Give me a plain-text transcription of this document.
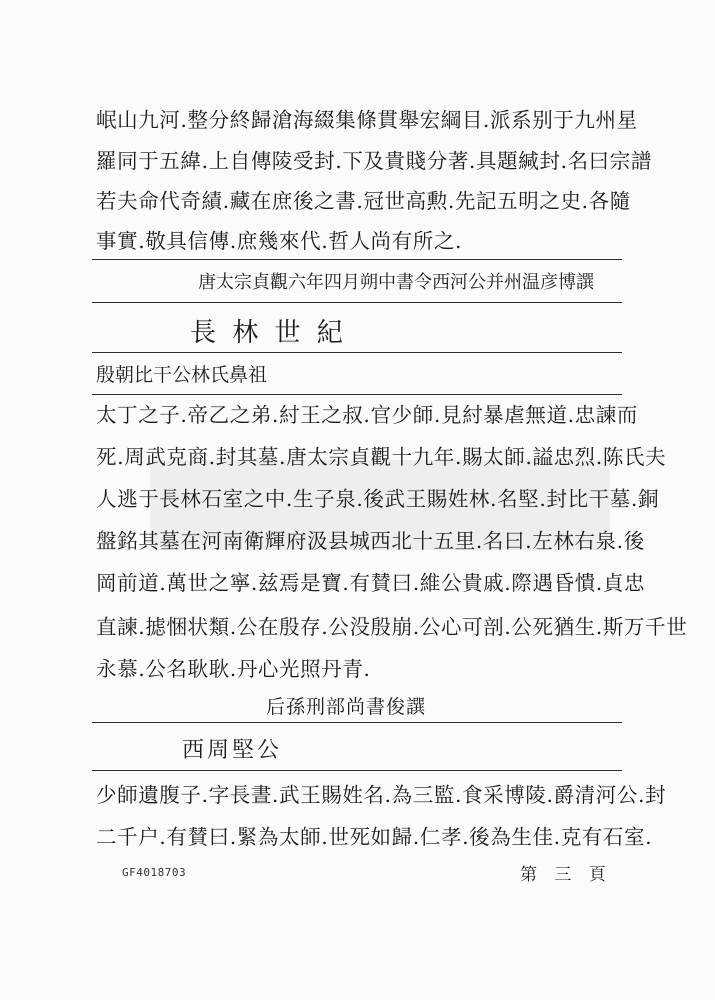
岷山九河.整分終歸滄海綴集條貫舉宏綱目.派系别于九州星
羅同于五緯.上自傳陵受封.下及貴賤分著.具題緘封.名曰宗譜
若夫命代奇績.藏在庶後之書.冠世高勲.先記五明之史.各隨
事實.敬具信傳.庶幾來代.哲人尚有所之.
唐太宗貞觀六年四月朔中書令西河公并州温彦博譔
長 林 世 紀
殷朝比干公林氏鼻祖
太丁之子.帝乙之弟.紂王之叔.官少師.見紂暴虐無道.忠諫而
死.周武克商.封其墓.唐太宗貞觀十九年.賜太師.謚忠烈.陈氏夫
人逃于長林石室之中.生子泉.後武王賜姓林.名堅.封比干墓.銅
盤銘其墓在河南衛輝府汲县城西北十五里.名曰.左林右泉.後
岡前道.萬世之寧.兹焉是寶.有賛曰.維公貴戚.際遇昏憒.貞忠
直諫.摅悃状類.公在殷存.公没殷崩.公心可剖.公死猶生.斯万千世
永慕.公名耿耿.丹心光照丹青.
后孫刑部尚書俊譔
西周堅公
少師遺腹子.字長晝.武王賜姓名.為三監.食采博陵.爵清河公.封
二千户.有賛曰.緊為太師.世死如歸.仁孝.後為生佳.克有石室.
GF4018703	第 三 頁
